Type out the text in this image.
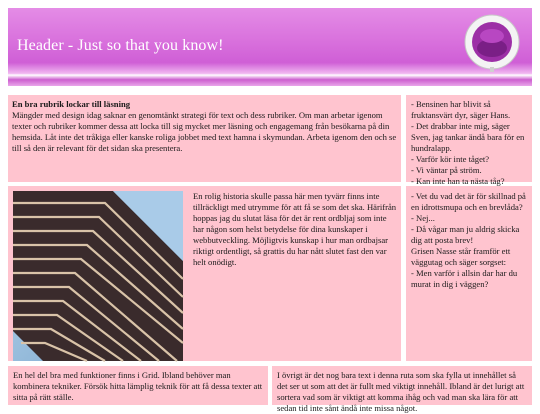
Header - Just so that you know!
En bra rubrik lockar till läsning
Mängder med design idag saknar en genomtänkt strategi för text och dess rubriker. Om man arbetar igenom texter och rubriker kommer dessa att locka till sig mycket mer läsning och engagemang från besökarna på din hemsida. Låt inte det tråkiga eller kanske roliga jobbet med text hamna i skymundan. Arbeta igenom den och se till så den är relevant för det sidan ska presentera.

- Bensinen har blivit så fruktansvärt dyr, säger Hans.

- Det drabbar inte mig, säger Sven, jag tankar ändå bara för en hundralapp.

- Varför kör inte tåget?

- Vi väntar på ström.

- Kan inte han ta nästa tåg?

En rolig historia skulle passa här men tyvärr finns inte tillräckligt med utrymme för att få se som det ska. Härifrån hoppas jag du slutat läsa för det är rent ordbljaj som inte har någon som helst betydelse för dina kunskaper i webbutveckling. Möjligtvis kunskap i hur man ordbajsar riktigt ordentligt, så grattis du har nått slutet fast den var helt onödigt.

- Vet du vad det är för skillnad på en idrottsmupa och en brevlåda?

- Nej...

- Då vågar man ju aldrig skicka dig att posta brev!

Grisen Nasse står framför ett väggutag och säger sorgset:

- Men varför i allsin dar har du murat in dig i väggen?

En hel del bra med funktioner finns i Grid. Ibland behöver man kombinera tekniker. Försök hitta lämplig teknik för att få dessa texter att sitta på rätt ställe.
I övrigt är det nog bara text i denna ruta som ska fylla ut innehållet så det ser ut som att det är fullt med viktigt innehåll. Ibland är det lurigt att sortera vad som är viktigt att komma ihåg och vad man ska lära för att sedan tid inte sånt ändå inte missa något.
